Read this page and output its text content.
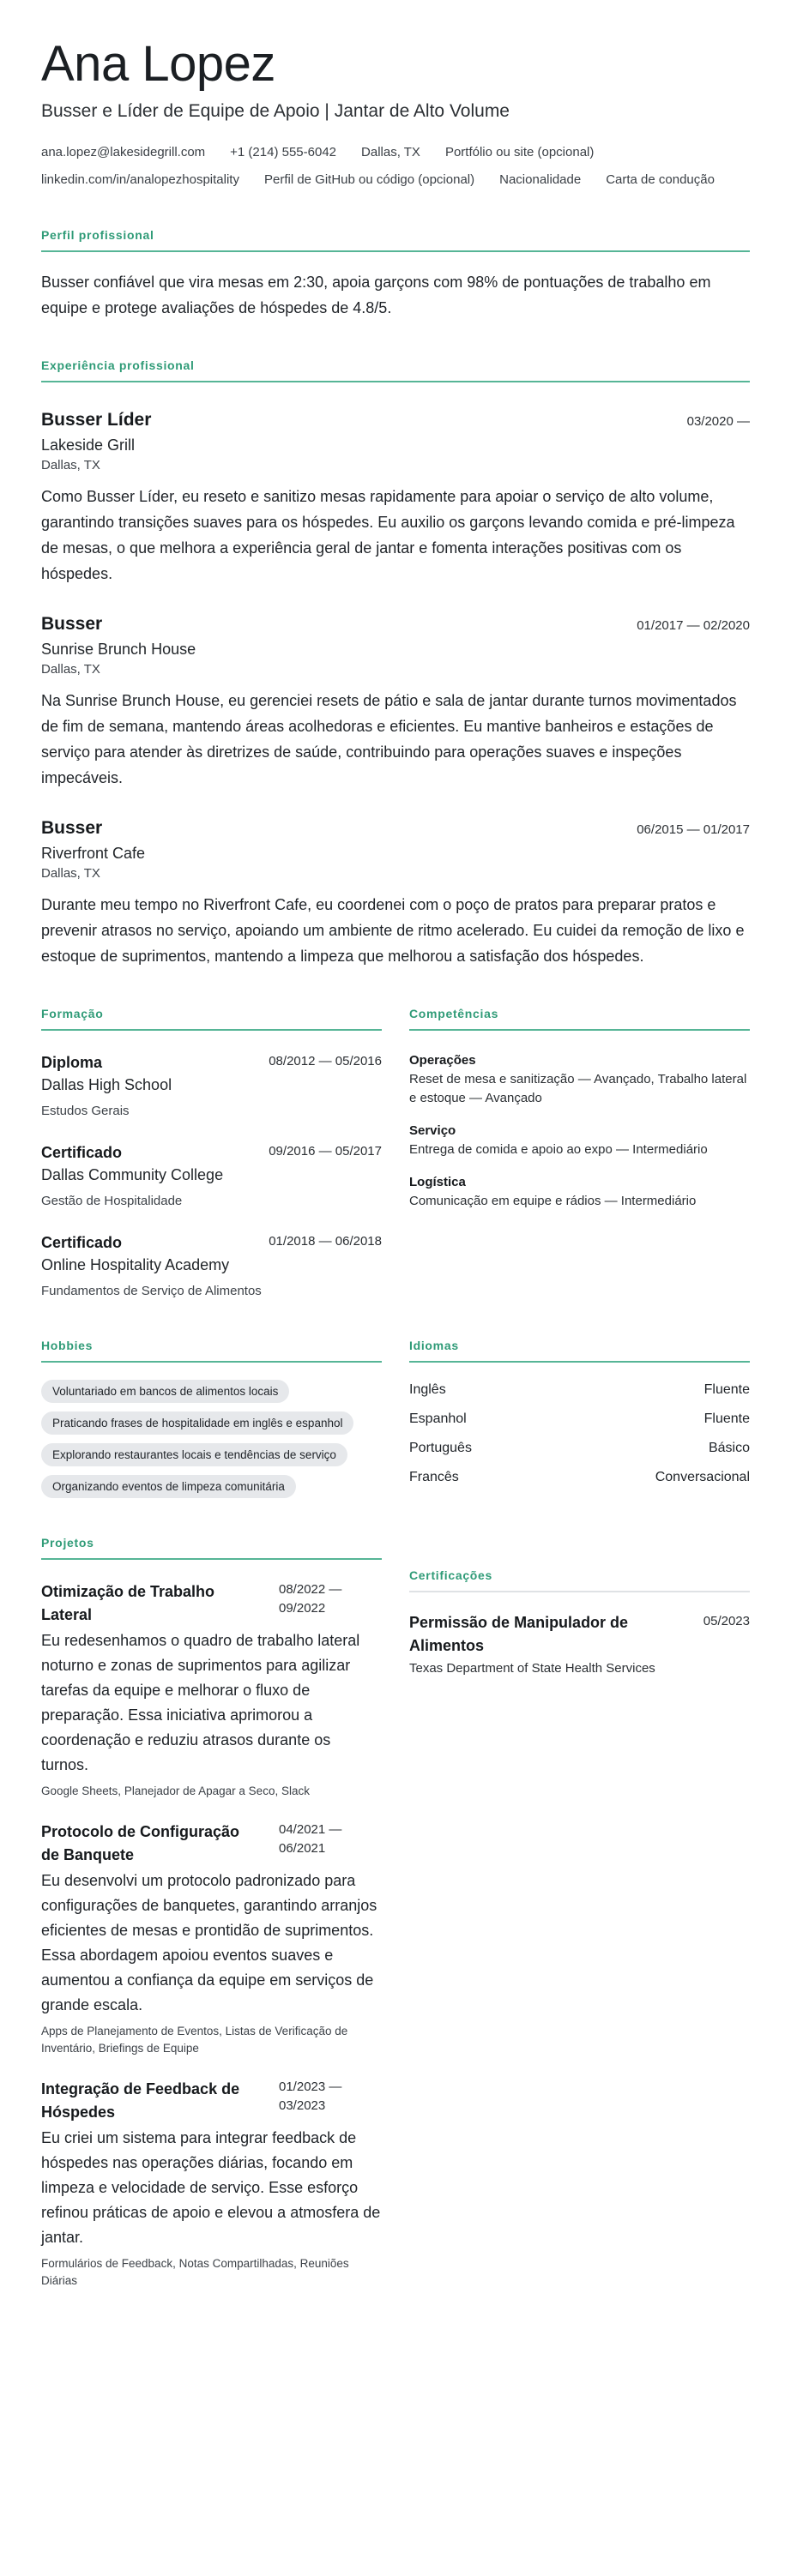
Ana Lopez
Busser e Líder de Equipe de Apoio | Jantar de Alto Volume
ana.lopez@lakesidegrill.com +1 (214) 555-6042 Dallas, TX Portfólio ou site (opcional)
linkedin.com/in/analopezhospitality Perfil de GitHub ou código (opcional) Nacionalidade Carta de condução
Perfil profissional
Busser confiável que vira mesas em 2:30, apoia garçons com 98% de pontuações de trabalho em equipe e protege avaliações de hóspedes de 4.8/5.
Experiência profissional
Busser Líder	03/2020 —
Lakeside Grill
Dallas, TX
Como Busser Líder, eu reseto e sanitizo mesas rapidamente para apoiar o serviço de alto volume, garantindo transições suaves para os hóspedes. Eu auxilio os garçons levando comida e pré-limpeza de mesas, o que melhora a experiência geral de jantar e fomenta interações positivas com os hóspedes.
Busser	01/2017 — 02/2020
Sunrise Brunch House
Dallas, TX
Na Sunrise Brunch House, eu gerenciei resets de pátio e sala de jantar durante turnos movimentados de fim de semana, mantendo áreas acolhedoras e eficientes. Eu mantive banheiros e estações de serviço para atender às diretrizes de saúde, contribuindo para operações suaves e inspeções impecáveis.
Busser	06/2015 — 01/2017
Riverfront Cafe
Dallas, TX
Durante meu tempo no Riverfront Cafe, eu coordenei com o poço de pratos para preparar pratos e prevenir atrasos no serviço, apoiando um ambiente de ritmo acelerado. Eu cuidei da remoção de lixo e estoque de suprimentos, mantendo a limpeza que melhorou a satisfação dos hóspedes.
Formação
Diploma
Dallas High School
08/2012 — 05/2016
Estudos Gerais
Certificado
Dallas Community College
09/2016 — 05/2017
Gestão de Hospitalidade
Certificado
Online Hospitality Academy
01/2018 — 06/2018
Fundamentos de Serviço de Alimentos
Competências
Operações
Reset de mesa e sanitização — Avançado, Trabalho lateral e estoque — Avançado
Serviço
Entrega de comida e apoio ao expo — Intermediário
Logística
Comunicação em equipe e rádios — Intermediário
Hobbies
Voluntariado em bancos de alimentos locais
Praticando frases de hospitalidade em inglês e espanhol
Explorando restaurantes locais e tendências de serviço
Organizando eventos de limpeza comunitária
Idiomas
Inglês	Fluente
Espanhol	Fluente
Português	Básico
Francês	Conversacional
Projetos
Otimização de Trabalho Lateral
08/2022 — 09/2022
Eu redesenhamos o quadro de trabalho lateral noturno e zonas de suprimentos para agilizar tarefas da equipe e melhorar o fluxo de preparação. Essa iniciativa aprimorou a coordenação e reduziu atrasos durante os turnos.
Google Sheets, Planejador de Apagar a Seco, Slack
Protocolo de Configuração de Banquete
04/2021 — 06/2021
Eu desenvolvi um protocolo padronizado para configurações de banquetes, garantindo arranjos eficientes de mesas e prontidão de suprimentos. Essa abordagem apoiou eventos suaves e aumentou a confiança da equipe em serviços de grande escala.
Apps de Planejamento de Eventos, Listas de Verificação de Inventário, Briefings de Equipe
Integração de Feedback de Hóspedes
01/2023 — 03/2023
Eu criei um sistema para integrar feedback de hóspedes nas operações diárias, focando em limpeza e velocidade de serviço. Esse esforço refinou práticas de apoio e elevou a atmosfera de jantar.
Formulários de Feedback, Notas Compartilhadas, Reuniões Diárias
Certificações
Permissão de Manipulador de Alimentos
Texas Department of State Health Services
05/2023
